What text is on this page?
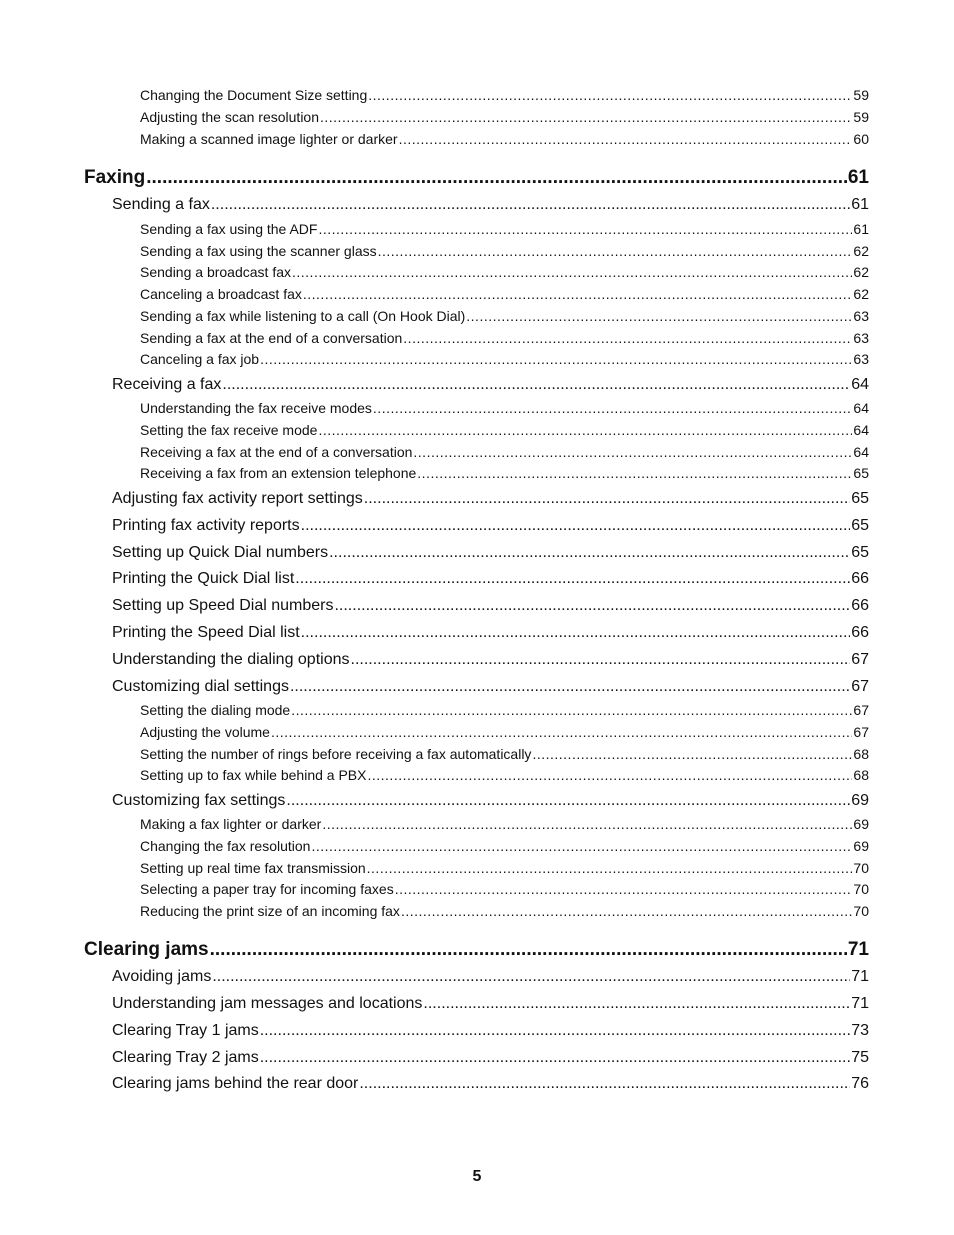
Changing the Document Size setting .....	59
Adjusting the scan resolution .....	59
Making a scanned image lighter or darker .....	60
Faxing .....	61
Sending a fax .....	61
Sending a fax using the ADF .....	61
Sending a fax using the scanner glass .....	62
Sending a broadcast fax .....	62
Canceling a broadcast fax .....	62
Sending a fax while listening to a call (On Hook Dial) .....	63
Sending a fax at the end of a conversation .....	63
Canceling a fax job .....	63
Receiving a fax .....	64
Understanding the fax receive modes .....	64
Setting the fax receive mode .....	64
Receiving a fax at the end of a conversation .....	64
Receiving a fax from an extension telephone .....	65
Adjusting fax activity report settings .....	65
Printing fax activity reports .....	65
Setting up Quick Dial numbers .....	65
Printing the Quick Dial list .....	66
Setting up Speed Dial numbers .....	66
Printing the Speed Dial list .....	66
Understanding the dialing options .....	67
Customizing dial settings .....	67
Setting the dialing mode .....	67
Adjusting the volume .....	67
Setting the number of rings before receiving a fax automatically .....	68
Setting up to fax while behind a PBX .....	68
Customizing fax settings .....	69
Making a fax lighter or darker .....	69
Changing the fax resolution .....	69
Setting up real time fax transmission .....	70
Selecting a paper tray for incoming faxes .....	70
Reducing the print size of an incoming fax .....	70
Clearing jams .....	71
Avoiding jams .....	71
Understanding jam messages and locations .....	71
Clearing Tray 1 jams .....	73
Clearing Tray 2 jams .....	75
Clearing jams behind the rear door .....	76
5
